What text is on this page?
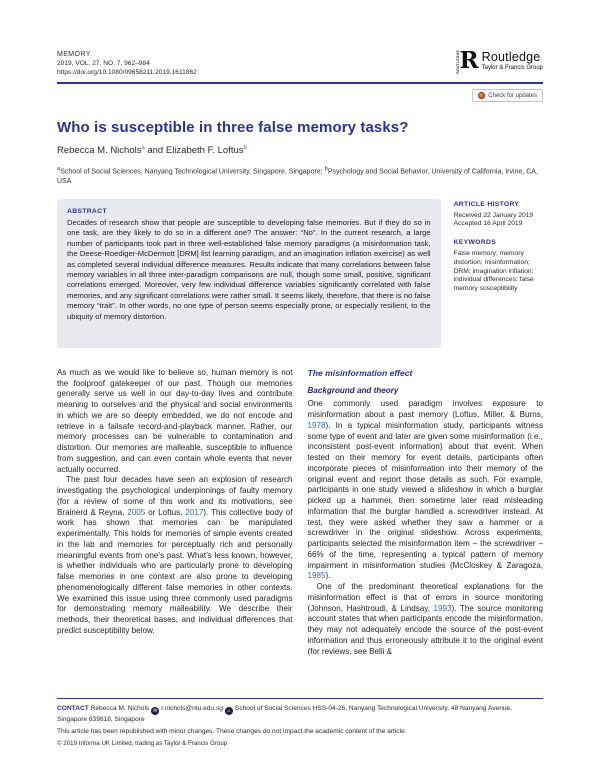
MEMORY
2019, VOL. 27, NO. 7, 962–984
https://doi.org/10.1080/09658211.2019.1611862	ROUTLEDGE R Routledge
Taylor & Francis Group
Check for updates
Who is susceptible in three false memory tasks?
Rebecca M. Nichols$^a$ and Elizabeth F. Loftus$^b$
$^a$School of Social Sciences, Nanyang Technological University, Singapore, Singapore; $^b$Psychology and Social Behavior, University of California, Irvine, CA, USA
ABSTRACT
Decades of research show that people are susceptible to developing false memories. But if they do so in one task, are they likely to do so in a different one? The answer: “No”. In the current research, a large number of participants took part in three well-established false memory paradigms (a misinformation task, the Deese-Roediger-McDermott [DRM] list learning paradigm, and an imagination inflation exercise) as well as completed several individual difference measures. Results indicate that many correlations between false memory variables in all three inter-paradigm comparisons are null, though some small, positive, significant correlations emerged. Moreover, very few individual difference variables significantly correlated with false memories, and any significant correlations were rather small. It seems likely, therefore, that there is no false memory “trait”. In other words, no one type of person seems especially prone, or especially resilient, to the ubiquity of memory distortion.
ARTICLE HISTORY
Received 22 January 2019
Accepted 16 April 2019
KEYWORDS
False memory; memory distortion; misinformation; DRM; imagination inflation; individual differences; false memory susceptibility

As much as we would like to believe so, human memory is not the foolproof gatekeeper of our past. Though our memories generally serve us well in our day-to-day lives and contribute meaning to ourselves and the physical and social environments in which we are so deeply embedded, we do not encode and retrieve in a failsafe record-and-playback manner. Rather, our memory processes can be vulnerable to contamination and distortion. Our memories are malleable, susceptible to influence from suggestion, and can even contain whole events that never actually occurred.

The past four decades have seen an explosion of research investigating the psychological underpinnings of faulty memory (for a review of some of this work and its motivations, see Brainerd & Reyna, 2005 or Loftus, 2017). This collective body of work has shown that memories can be manipulated experimentally. This holds for memories of simple events created in the lab and memories for perceptually rich and personally meaningful events from one’s past. What’s less known, however, is whether individuals who are particularly prone to developing false memories in one context are also prone to developing phenomenologically different false memories in other contexts. We examined this issue using three commonly used paradigms for demonstrating memory malleability. We describe their methods, their theoretical bases, and individual differences that predict susceptibility below.

The misinformation effect
Background and theory

One commonly used paradigm involves exposure to misinformation about a past memory (Loftus, Miller, & Burns, 1978). In a typical misinformation study, participants witness some type of event and later are given some misinformation (i.e., inconsistent post-event information) about that event. When tested on their memory for event details, participants often incorporate pieces of misinformation into their memory of the original event and report those details as such. For example, participants in one study viewed a slideshow in which a burglar picked up a hammer, then sometime later read misleading information that the burglar handled a screwdriver instead. At test, they were asked whether they saw a hammer or a screwdriver in the original slideshow. Across experiments, participants selected the misinformation item – the screwdriver – 66% of the time, representing a typical pattern of memory impairment in misinformation studies (McCloskey & Zaragoza, 1985).

One of the predominant theoretical explanations for the misinformation effect is that of errors in source monitoring (Johnson, Hashtroudi, & Lindsay, 1993). The source monitoring account states that when participants encode the misinformation, they may not adequately encode the source of the post-event information and thus erroneously attribute it to the original event (for reviews, see Belli &

CONTACT Rebecca M. Nichols ✉ r.nichols@ntu.edu.sg ⌂ School of Social Sciences HSS-04-26, Nanyang Technological University, 48 Nanyang Avenue, Singapore 639818, Singapore

This article has been republished with minor changes. These changes do not impact the academic content of the article.

© 2019 Informa UK Limited, trading as Taylor & Francis Group
